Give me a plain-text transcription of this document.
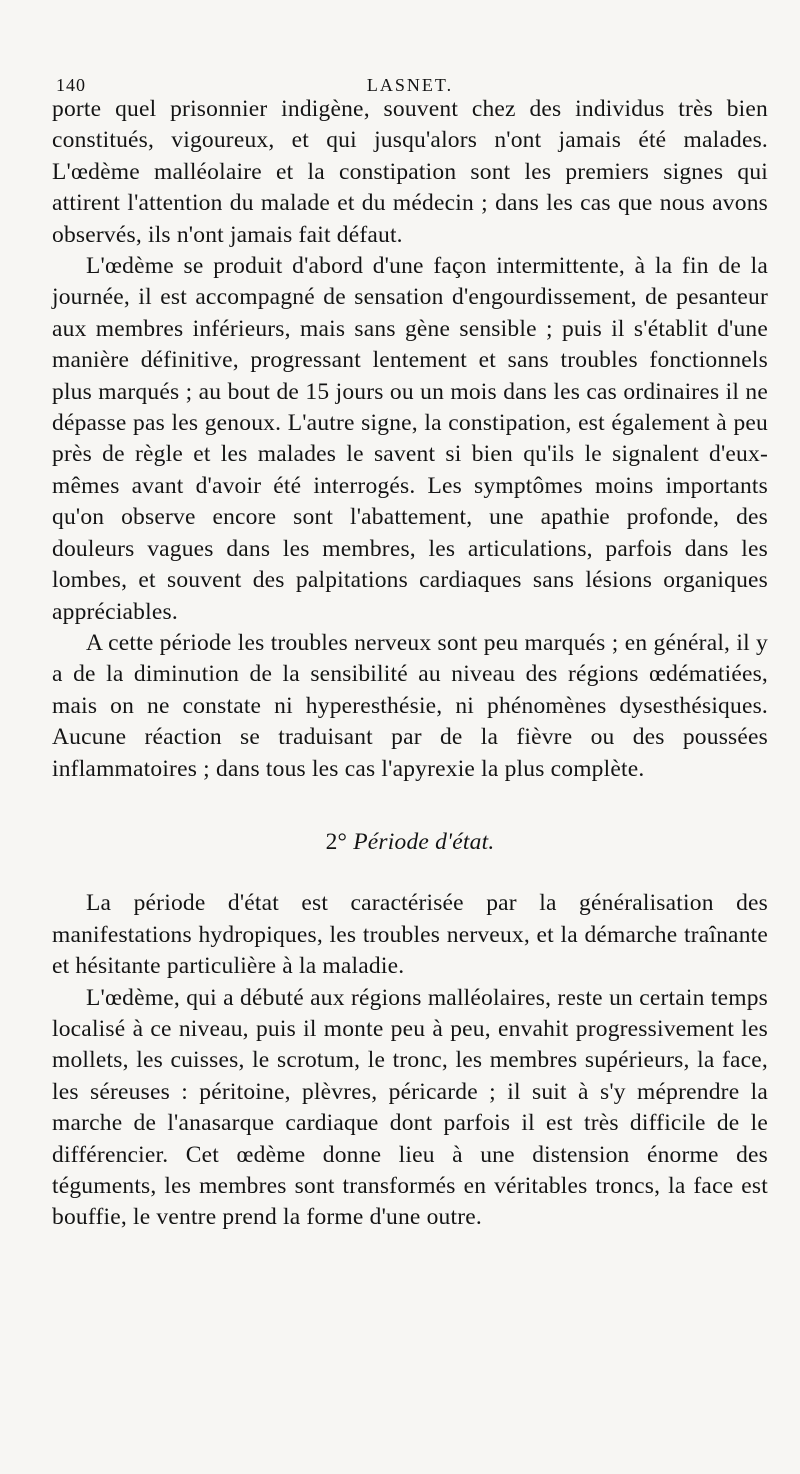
140	LASNET.

porte quel prisonnier indigène, souvent chez des individus très bien constitués, vigoureux, et qui jusqu'alors n'ont jamais été malades. L'œdème malléolaire et la constipation sont les premiers signes qui attirent l'attention du malade et du médecin ; dans les cas que nous avons observés, ils n'ont jamais fait défaut.

L'œdème se produit d'abord d'une façon intermittente, à la fin de la journée, il est accompagné de sensation d'engourdissement, de pesanteur aux membres inférieurs, mais sans gène sensible ; puis il s'établit d'une manière définitive, progressant lentement et sans troubles fonctionnels plus marqués ; au bout de 15 jours ou un mois dans les cas ordinaires il ne dépasse pas les genoux. L'autre signe, la constipation, est également à peu près de règle et les malades le savent si bien qu'ils le signalent d'eux-mêmes avant d'avoir été interrogés. Les symptômes moins importants qu'on observe encore sont l'abattement, une apathie profonde, des douleurs vagues dans les membres, les articulations, parfois dans les lombes, et souvent des palpitations cardiaques sans lésions organiques appréciables.

A cette période les troubles nerveux sont peu marqués ; en général, il y a de la diminution de la sensibilité au niveau des régions œdématiées, mais on ne constate ni hyperesthésie, ni phénomènes dysesthésiques. Aucune réaction se traduisant par de la fièvre ou des poussées inflammatoires ; dans tous les cas l'apyrexie la plus complète.

2° Période d'état.

La période d'état est caractérisée par la généralisation des manifestations hydropiques, les troubles nerveux, et la démarche traînante et hésitante particulière à la maladie.

L'œdème, qui a débuté aux régions malléolaires, reste un certain temps localisé à ce niveau, puis il monte peu à peu, envahit progressivement les mollets, les cuisses, le scrotum, le tronc, les membres supérieurs, la face, les séreuses : péritoine, plèvres, péricarde ; il suit à s'y méprendre la marche de l'anasarque cardiaque dont parfois il est très difficile de le différencier. Cet œdème donne lieu à une distension énorme des téguments, les membres sont transformés en véritables troncs, la face est bouffie, le ventre prend la forme d'une outre.
